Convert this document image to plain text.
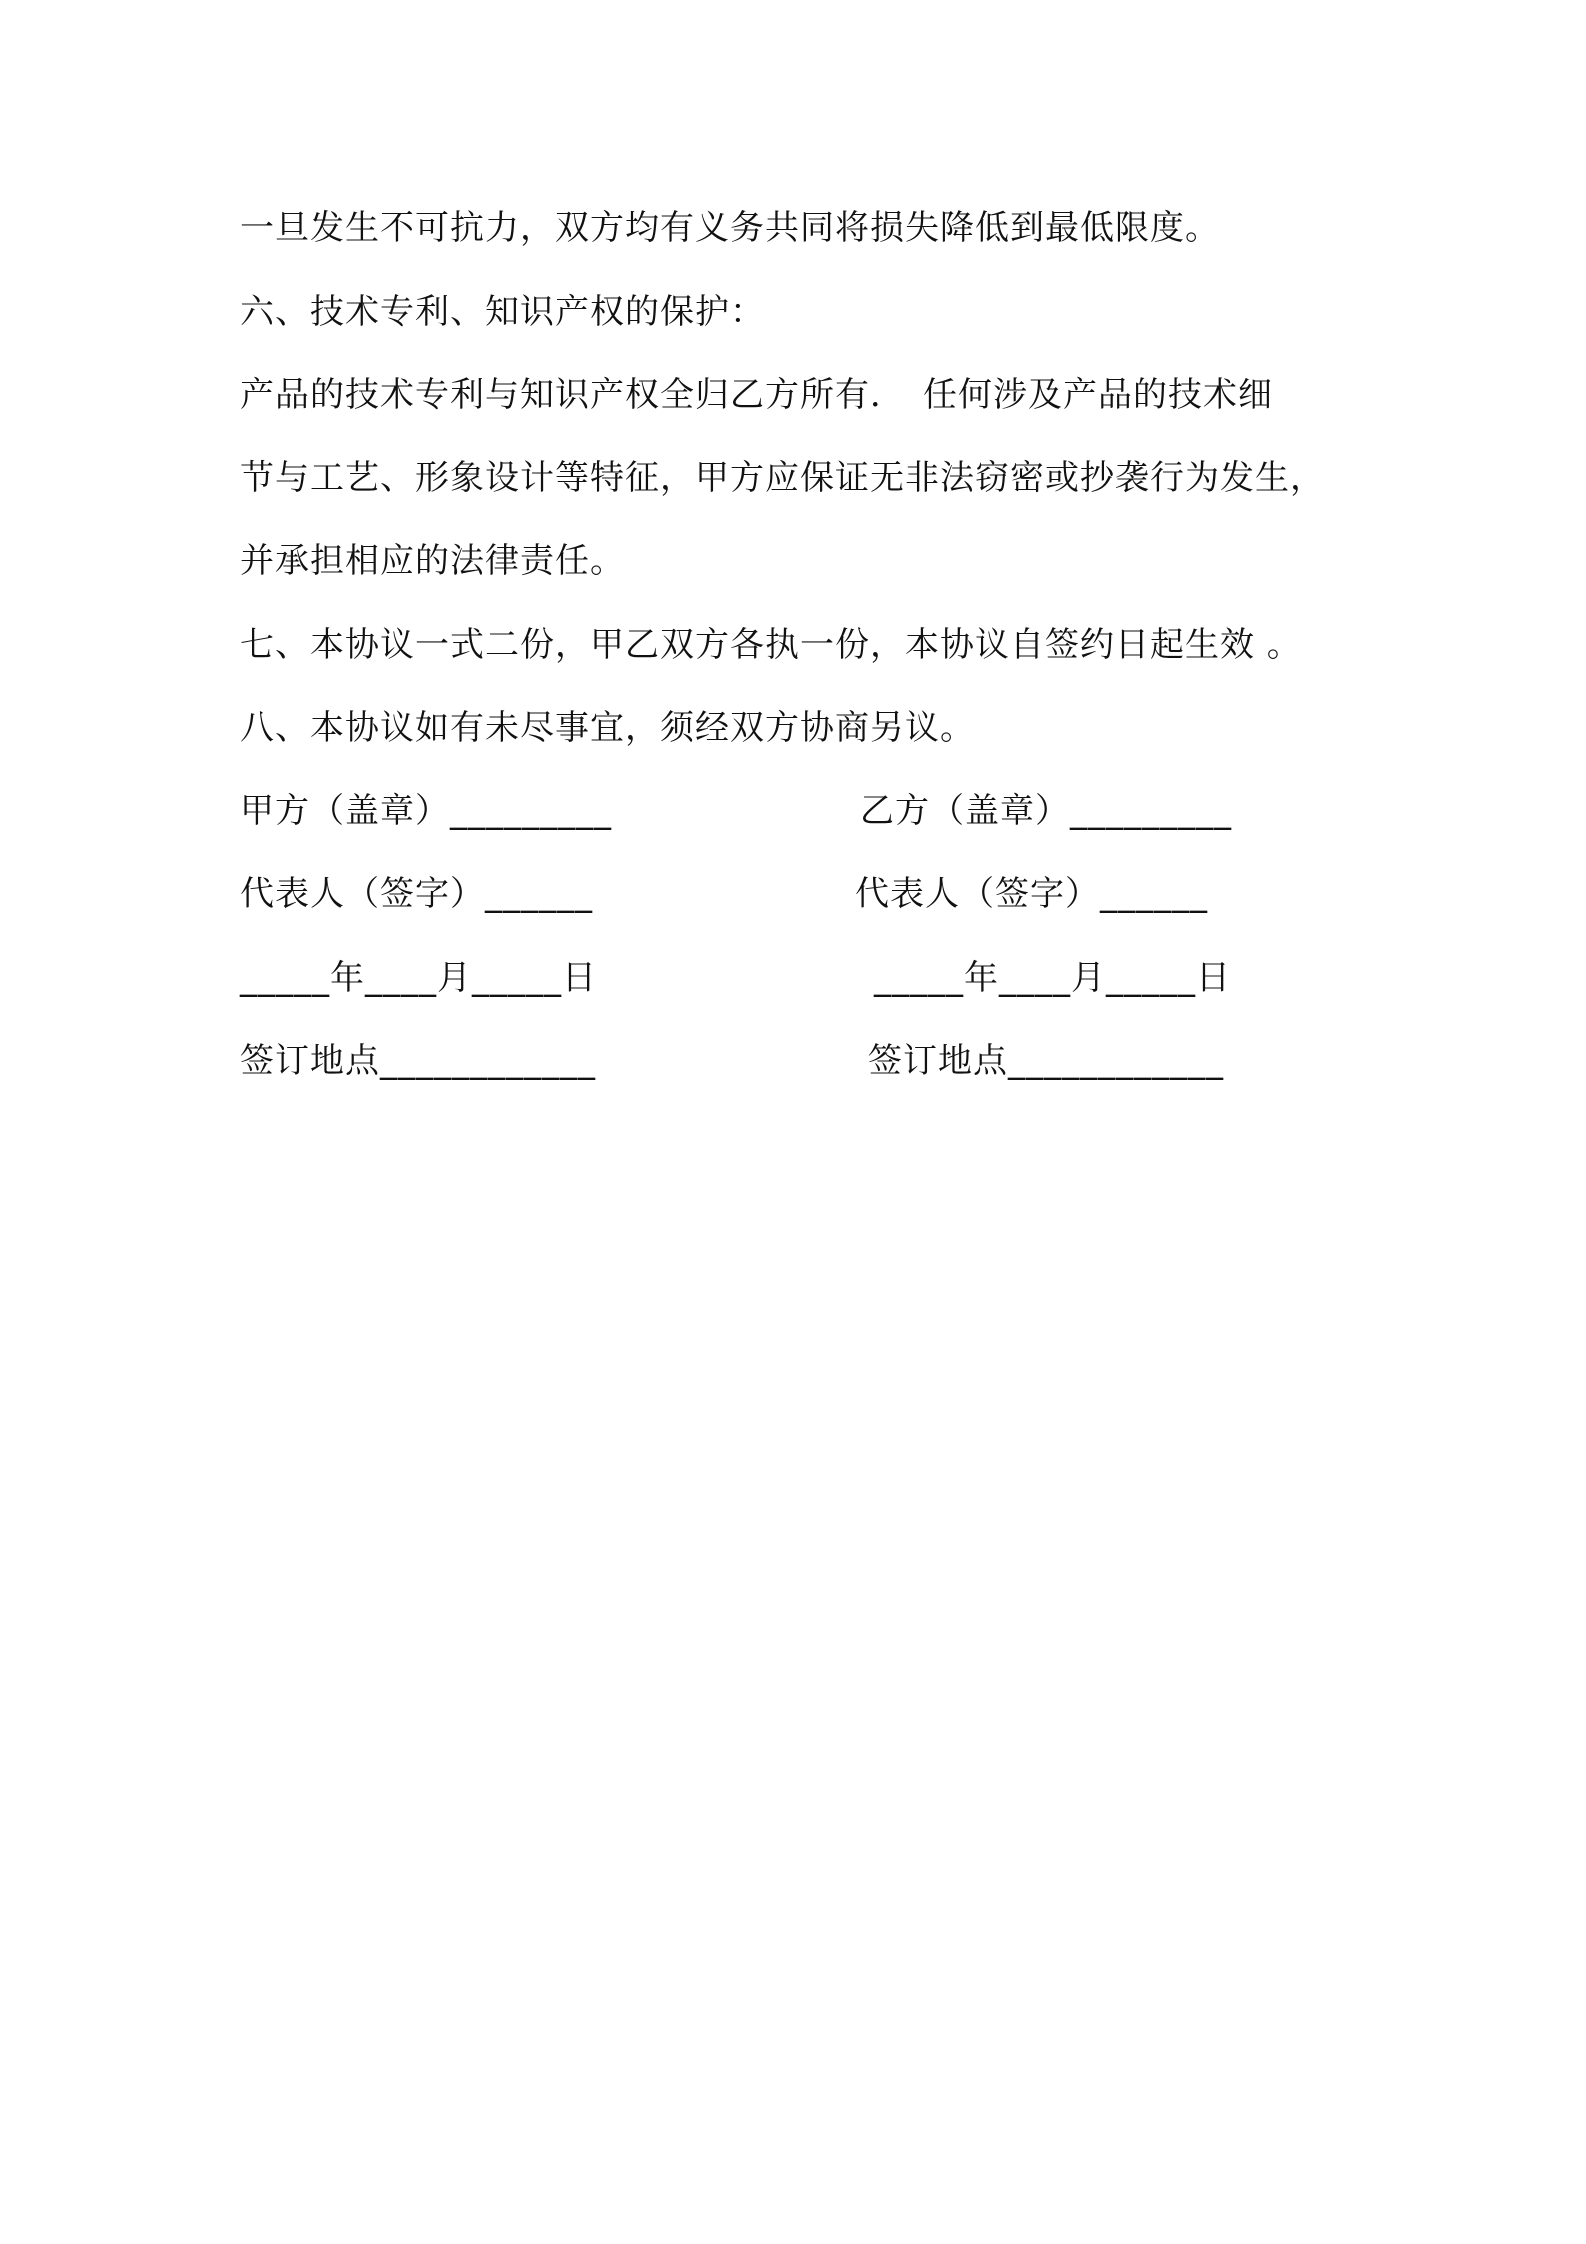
一旦发生不可抗力，双方均有义务共同将损失降低到最低限度。
六、技术专利、知识产权的保护：
产品的技术专利与知识产权全归乙方所有．　任何涉及产品的技术细
节与工艺、形象设计等特征，甲方应保证无非法窃密或抄袭行为发生，
并承担相应的法律责任。
七、本协议一式二份，甲乙双方各执一份，本协议自签约日起生效 。
八、本协议如有未尽事宜，须经双方协商另议。
甲方（盖章）_________	乙方（盖章）_________
代表人（签字）______	代表人（签字）______
_____年____月_____日	_____年____月_____日
签订地点____________	签订地点____________
